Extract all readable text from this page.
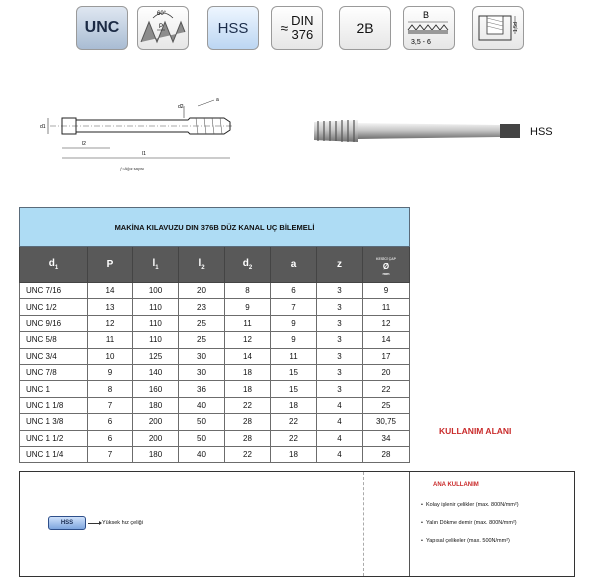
UNC
60°
P	HSS ≈ DIN
376	2B
B
3,5 - 6
1,5d
d1
l2
l1
d2
a
ƒ=Ağız sayısı
HSS
MAKİNA KILAVUZU DIN 376B DÜZ KANAL UÇ BİLEMELİ							
$d_1$	P	$l_1$	$l_2$	$d_2$	a	z	KESİCİ ÇAP
Ø
mm

UNC 7/16	14	100	20	8	6	3	9
UNC 1/2	13	110	23	9	7	3	11
UNC 9/16	12	110	25	11	9	3	12
UNC 5/8	11	110	25	12	9	3	14
UNC 3/4	10	125	30	14	11	3	17
UNC 7/8	9	140	30	18	15	3	20
UNC 1	8	160	36	18	15	3	22
UNC 1 1/8	7	180	40	22	18	4	25
UNC 1 3/8	6	200	50	28	22	4	30,75
UNC 1 1/2	6	200	50	28	22	4	34
UNC 1 1/4	7	180	40	22	18	4	28
KULLANIM ALANI
HSS	Yüksek hız çeliği
ANA KULLANIM
• Kolay işlenir çelikler (max. 800N/mm²)
• Yalın Dökme demir (max. 800N/mm²)
• Yapısal çelikeler (max. 500N/mm²)
